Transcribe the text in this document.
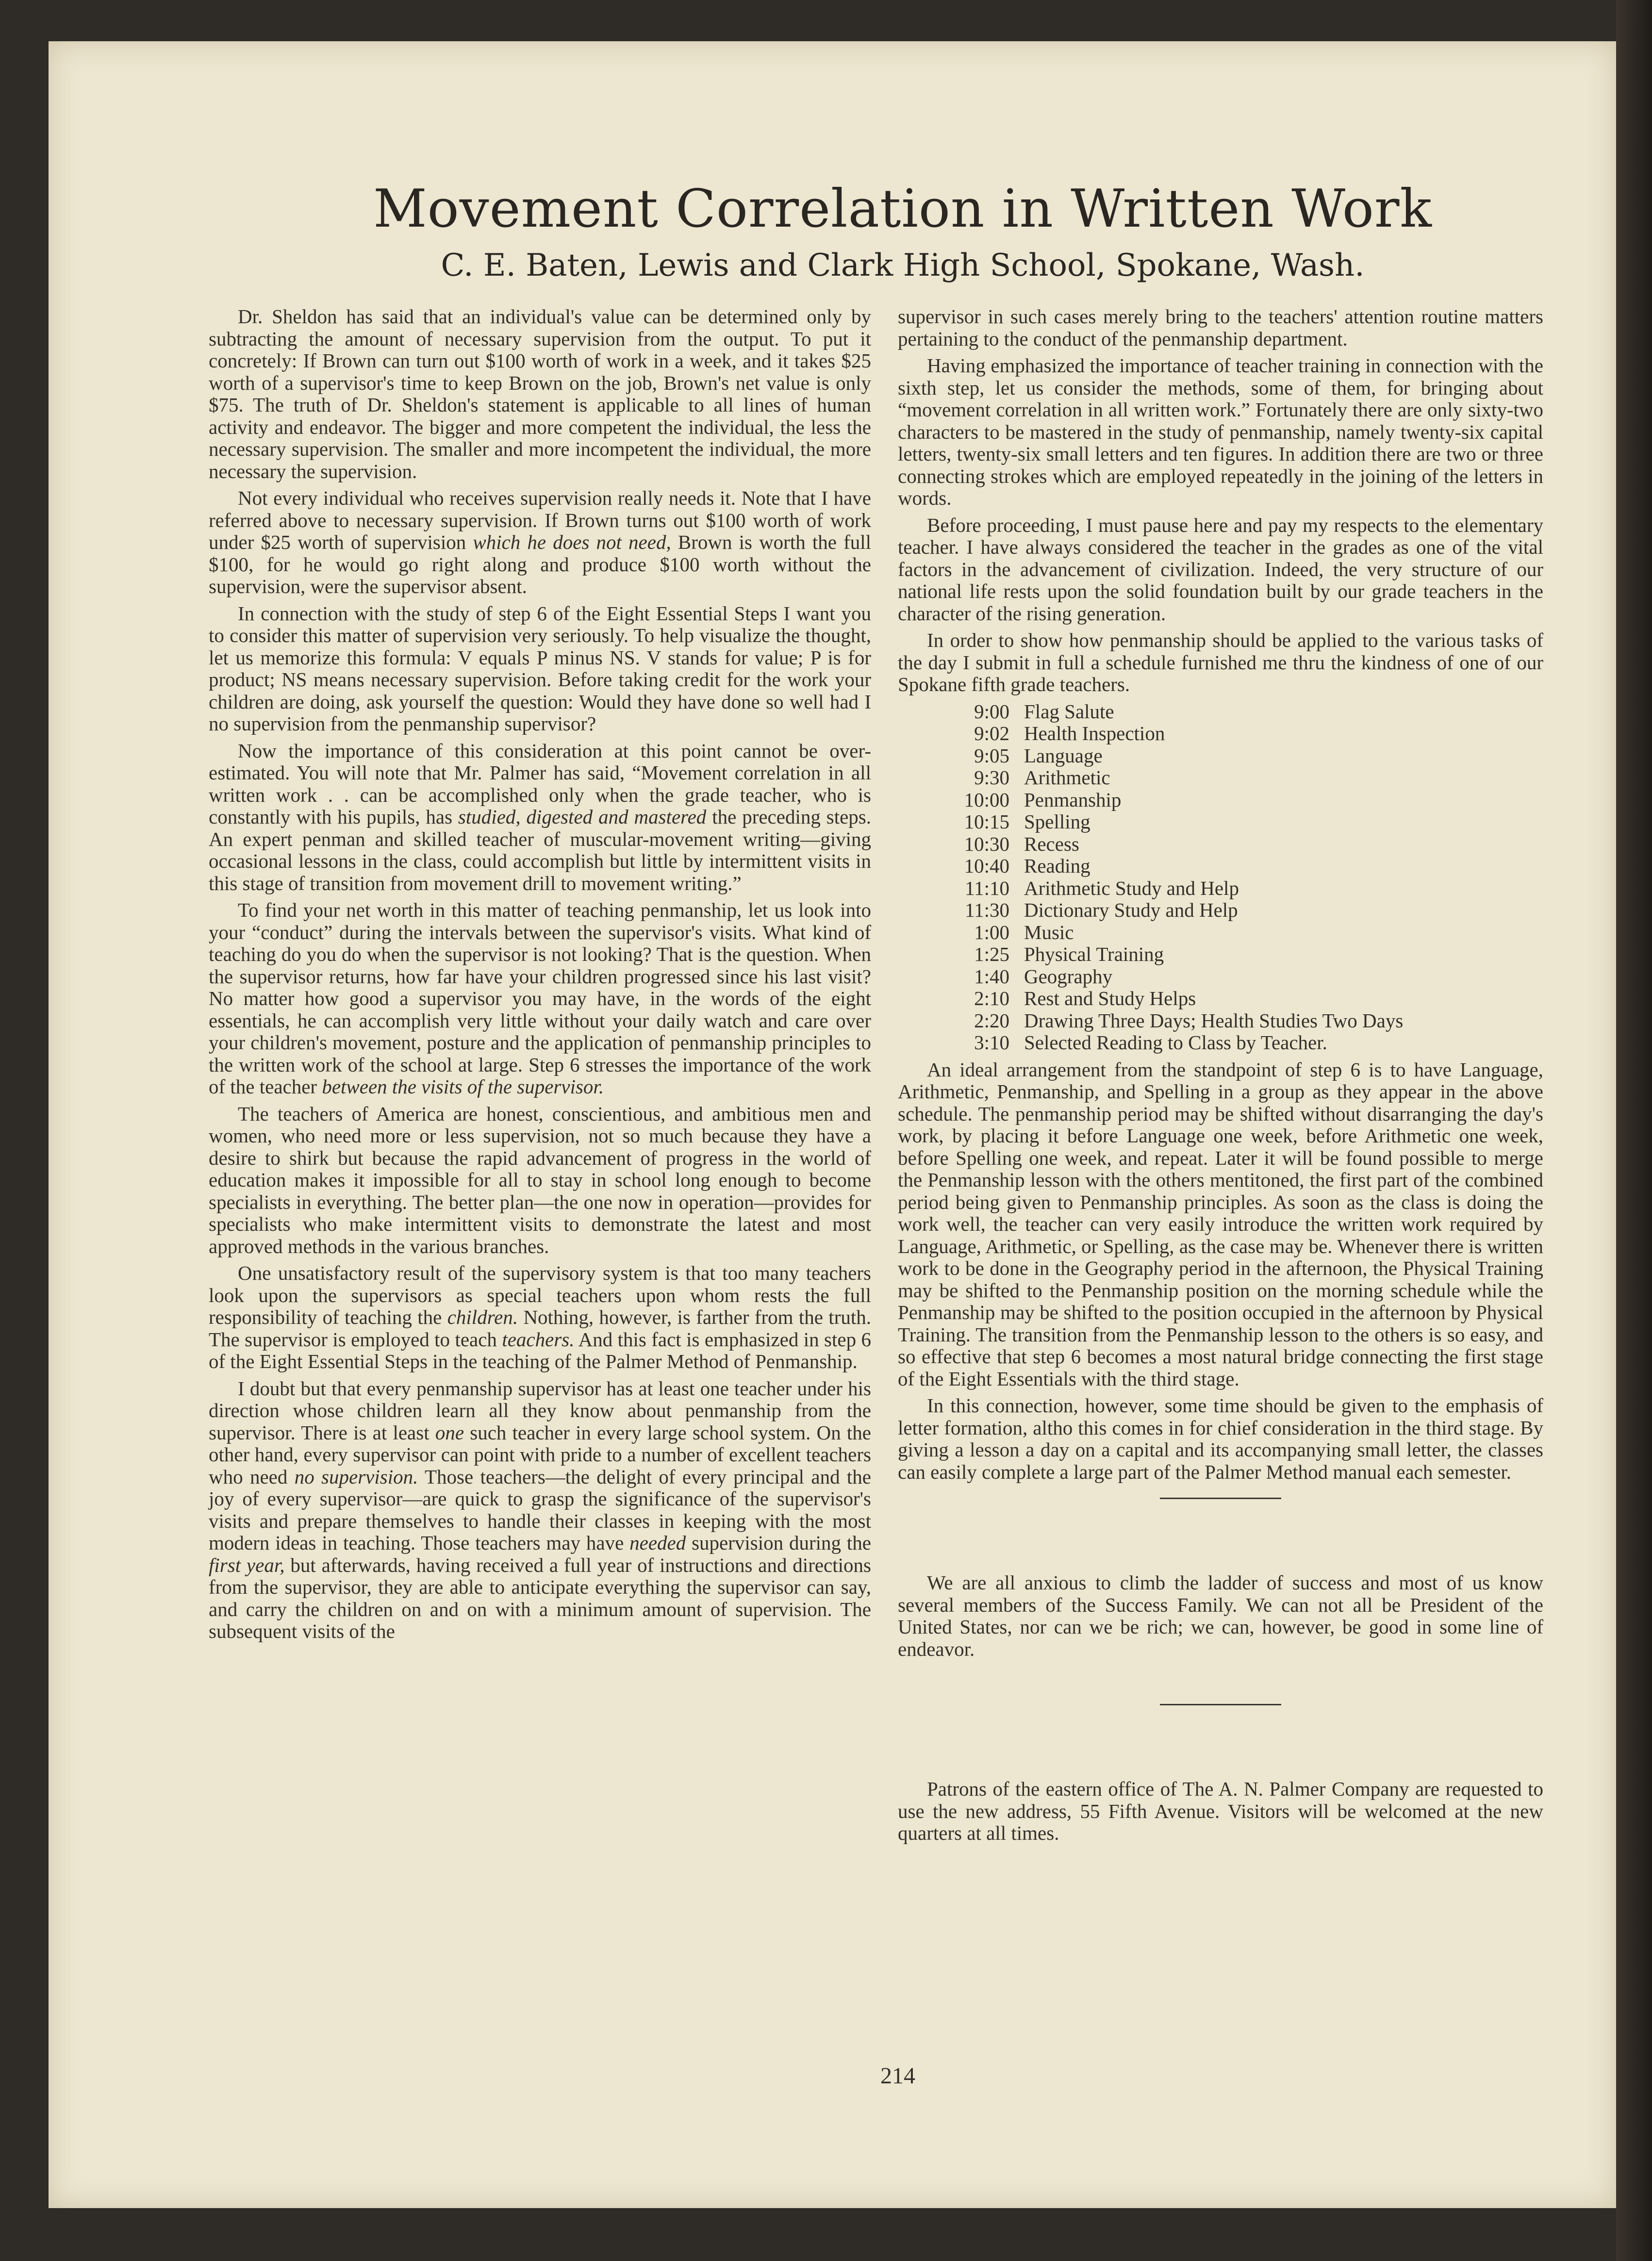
Movement Correlation in Written Work
C. E. Baten, Lewis and Clark High School, Spokane, Wash.

Dr. Sheldon has said that an individual's value can be determined only by subtracting the amount of necessary supervision from the output. To put it concretely: If Brown can turn out $100 worth of work in a week, and it takes $25 worth of a supervisor's time to keep Brown on the job, Brown's net value is only $75. The truth of Dr. Sheldon's statement is applicable to all lines of human activity and endeavor. The bigger and more competent the individual, the less the necessary supervision. The smaller and more incompetent the individual, the more necessary the supervision.

Not every individual who receives supervision really needs it. Note that I have referred above to necessary supervision. If Brown turns out $100 worth of work under $25 worth of supervision which he does not need, Brown is worth the full $100, for he would go right along and produce $100 worth without the supervision, were the supervisor absent.

In connection with the study of step 6 of the Eight Essential Steps I want you to consider this matter of supervision very seriously. To help visualize the thought, let us memorize this formula: V equals P minus NS. V stands for value; P is for product; NS means necessary supervision. Before taking credit for the work your children are doing, ask yourself the question: Would they have done so well had I no supervision from the penmanship supervisor?

Now the importance of this consideration at this point cannot be over-estimated. You will note that Mr. Palmer has said, “Movement correlation in all written work . . can be accomplished only when the grade teacher, who is constantly with his pupils, has studied, digested and mastered the preceding steps. An expert penman and skilled teacher of muscular-movement writing—giving occasional lessons in the class, could accomplish but little by intermittent visits in this stage of transition from movement drill to movement writing.”

To find your net worth in this matter of teaching penmanship, let us look into your “conduct” during the intervals between the supervisor's visits. What kind of teaching do you do when the supervisor is not looking? That is the question. When the supervisor returns, how far have your children progressed since his last visit? No matter how good a supervisor you may have, in the words of the eight essentials, he can accomplish very little without your daily watch and care over your children's movement, posture and the application of penmanship principles to the written work of the school at large. Step 6 stresses the importance of the work of the teacher between the visits of the supervisor.

The teachers of America are honest, conscientious, and ambitious men and women, who need more or less supervision, not so much because they have a desire to shirk but because the rapid advancement of progress in the world of education makes it impossible for all to stay in school long enough to become specialists in everything. The better plan—the one now in operation—provides for specialists who make intermittent visits to demonstrate the latest and most approved methods in the various branches.

One unsatisfactory result of the supervisory system is that too many teachers look upon the supervisors as special teachers upon whom rests the full responsibility of teaching the children. Nothing, however, is farther from the truth. The supervisor is employed to teach teachers. And this fact is emphasized in step 6 of the Eight Essential Steps in the teaching of the Palmer Method of Penmanship.

I doubt but that every penmanship supervisor has at least one teacher under his direction whose children learn all they know about penmanship from the supervisor. There is at least one such teacher in every large school system. On the other hand, every supervisor can point with pride to a number of excellent teachers who need no supervision. Those teachers—the delight of every principal and the joy of every supervisor—are quick to grasp the significance of the supervisor's visits and prepare themselves to handle their classes in keeping with the most modern ideas in teaching. Those teachers may have needed supervision during the first year, but afterwards, having received a full year of instructions and directions from the supervisor, they are able to anticipate everything the supervisor can say, and carry the children on and on with a minimum amount of supervision. The subsequent visits of the

supervisor in such cases merely bring to the teachers' attention routine matters pertaining to the conduct of the penmanship department.

Having emphasized the importance of teacher training in connection with the sixth step, let us consider the methods, some of them, for bringing about “movement correlation in all written work.” Fortunately there are only sixty-two characters to be mastered in the study of penmanship, namely twenty-six capital letters, twenty-six small letters and ten figures. In addition there are two or three connecting strokes which are employed repeatedly in the joining of the letters in words.

Before proceeding, I must pause here and pay my respects to the elementary teacher. I have always considered the teacher in the grades as one of the vital factors in the advancement of civilization. Indeed, the very structure of our national life rests upon the solid foundation built by our grade teachers in the character of the rising generation.

In order to show how penmanship should be applied to the various tasks of the day I submit in full a schedule furnished me thru the kindness of one of our Spokane fifth grade teachers.

9:00 Flag Salute
9:02 Health Inspection
9:05 Language
9:30 Arithmetic
10:00 Penmanship
10:15 Spelling
10:30 Recess
10:40 Reading
11:10 Arithmetic Study and Help
11:30 Dictionary Study and Help
1:00 Music
1:25 Physical Training
1:40 Geography
2:10 Rest and Study Helps
2:20 Drawing Three Days; Health Studies Two Days
3:10 Selected Reading to Class by Teacher.

An ideal arrangement from the standpoint of step 6 is to have Language, Arithmetic, Penmanship, and Spelling in a group as they appear in the above schedule. The penmanship period may be shifted without disarranging the day's work, by placing it before Language one week, before Arithmetic one week, before Spelling one week, and repeat. Later it will be found possible to merge the Penmanship lesson with the others mentitoned, the first part of the combined period being given to Penmanship principles. As soon as the class is doing the work well, the teacher can very easily introduce the written work required by Language, Arithmetic, or Spelling, as the case may be. Whenever there is written work to be done in the Geography period in the afternoon, the Physical Training may be shifted to the Penmanship position on the morning schedule while the Penmanship may be shifted to the position occupied in the afternoon by Physical Training. The transition from the Penmanship lesson to the others is so easy, and so effective that step 6 becomes a most natural bridge connecting the first stage of the Eight Essentials with the third stage.

In this connection, however, some time should be given to the emphasis of letter formation, altho this comes in for chief consideration in the third stage. By giving a lesson a day on a capital and its accompanying small letter, the classes can easily complete a large part of the Palmer Method manual each semester.

We are all anxious to climb the ladder of success and most of us know several members of the Success Family. We can not all be President of the United States, nor can we be rich; we can, however, be good in some line of endeavor.

Patrons of the eastern office of The A. N. Palmer Company are requested to use the new address, 55 Fifth Avenue. Visitors will be welcomed at the new quarters at all times.

214
